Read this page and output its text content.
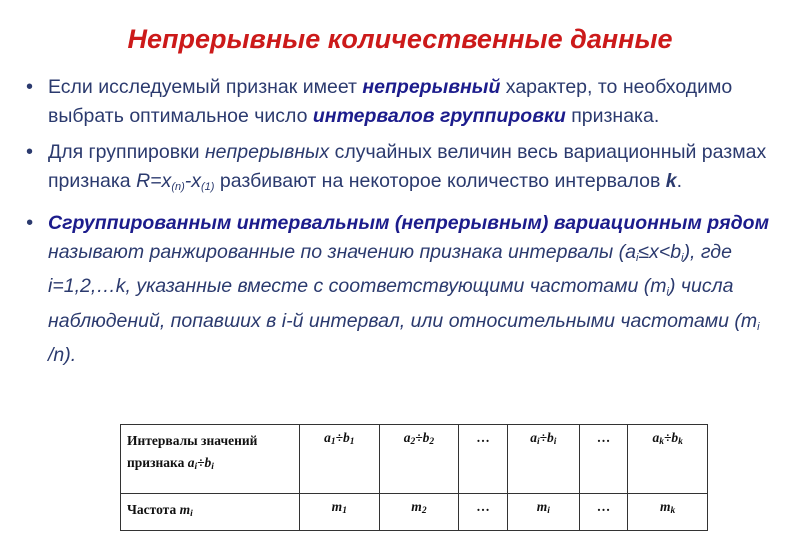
Непрерывные количественные данные
• Если исследуемый признак имеет непрерывный характер, то необходимо выбрать оптимальное число интервалов группировки признака.
• Для группировки непрерывных случайных величин весь вариационный размах признака $R=x_{(n)}-x_{(1)}$ разбивают на некоторое количество интервалов k.
• Сгруппированным интервальным (непрерывным) вариационным рядом называют ранжированные по значению признака интервалы $(a_i\le x<b_i)$, где i=1,2,…k, указанные вместе с соответствующими частотами $(m_i)$ числа наблюдений, попавших в i-й интервал, или относительными частотами ($m_i$ /n).
Интервалы значений признака ai÷bi	a1÷b1	a2÷b2	…	ai÷bi	…	ak÷bk
Частота mi	m1	m2	…	mi	…	mk
